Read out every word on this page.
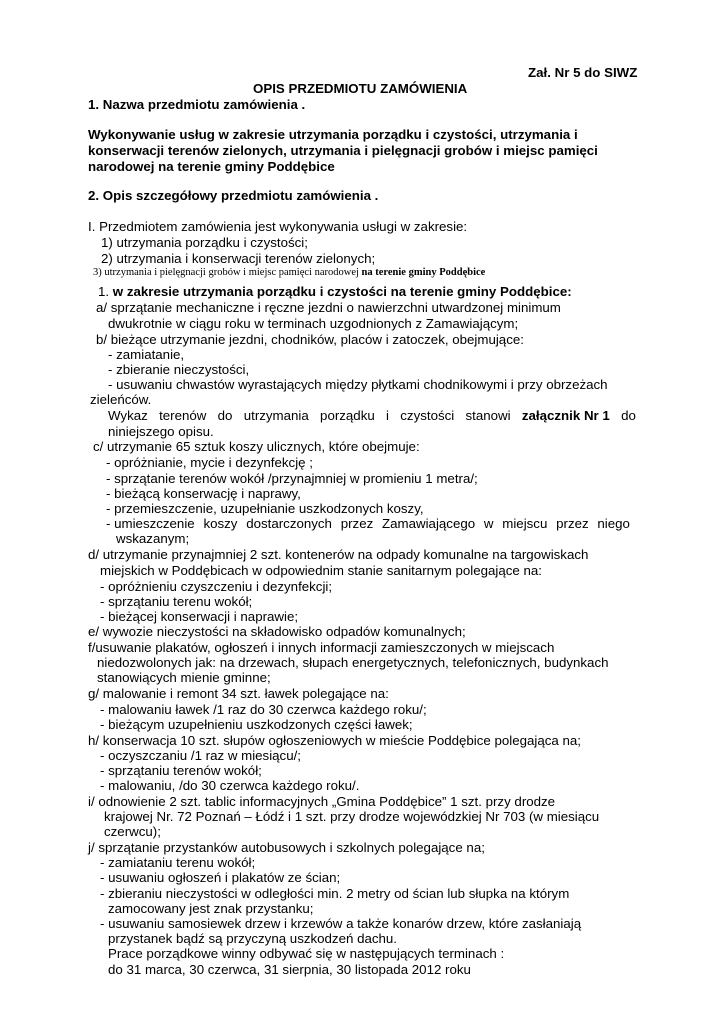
Zał. Nr 5 do SIWZ
OPIS PRZEDMIOTU ZAMÓWIENIA
1. Nazwa przedmiotu zamówienia .
Wykonywanie usług w zakresie utrzymania porządku i czystości, utrzymania i
konserwacji terenów zielonych, utrzymania i pielęgnacji grobów i miejsc pamięci
narodowej na terenie gminy Poddębice
2. Opis szczegółowy przedmiotu zamówienia .
I. Przedmiotem zamówienia jest wykonywania usługi w zakresie:
1) utrzymania porządku i czystości;
2) utrzymania i konserwacji terenów zielonych;
3) utrzymania i pielęgnacji grobów i miejsc pamięci narodowej na terenie gminy Poddębice
1. w zakresie utrzymania porządku i czystości na terenie gminy Poddębice:
a/ sprzątanie mechaniczne i ręczne jezdni o nawierzchni utwardzonej minimum
dwukrotnie w ciągu roku w terminach uzgodnionych z Zamawiającym;
b/ bieżące utrzymanie jezdni, chodników, placów i zatoczek, obejmujące:
- zamiatanie,
- zbieranie nieczystości,
- usuwaniu chwastów wyrastających między płytkami chodnikowymi i przy obrzeżach
zieleńców.
Wykaz terenów do utrzymania porządku i czystości stanowi załącznik Nr 1 do
niniejszego opisu.
c/ utrzymanie 65 sztuk koszy ulicznych, które obejmuje:
- opróżnianie, mycie i dezynfekcję ;
- sprzątanie terenów wokół /przynajmniej w promieniu 1 metra/;
- bieżącą konserwację i naprawy,
- przemieszczenie, uzupełnianie uszkodzonych koszy,
- umieszczenie koszy dostarczonych przez Zamawiającego w miejscu przez niego
wskazanym;
d/ utrzymanie przynajmniej 2 szt. kontenerów na odpady komunalne na targowiskach
miejskich w Poddębicach w odpowiednim stanie sanitarnym polegające na:
- opróżnieniu czyszczeniu i dezynfekcji;
- sprzątaniu terenu wokół;
- bieżącej konserwacji i naprawie;
e/ wywozie nieczystości na składowisko odpadów komunalnych;
f/usuwanie plakatów, ogłoszeń i innych informacji zamieszczonych w miejscach
niedozwolonych jak: na drzewach, słupach energetycznych, telefonicznych, budynkach
stanowiących mienie gminne;
g/ malowanie i remont 34 szt. ławek polegające na:
- malowaniu ławek /1 raz do 30 czerwca każdego roku/;
- bieżącym uzupełnieniu uszkodzonych części ławek;
h/ konserwacja 10 szt. słupów ogłoszeniowych w mieście Poddębice polegająca na;
- oczyszczaniu /1 raz w miesiącu/;
- sprzątaniu terenów wokół;
- malowaniu, /do 30 czerwca każdego roku/.
i/ odnowienie 2 szt. tablic informacyjnych „Gmina Poddębice” 1 szt. przy drodze
krajowej Nr. 72 Poznań – Łódź i 1 szt. przy drodze wojewódzkiej Nr 703 (w miesiącu
czerwcu);
j/ sprzątanie przystanków autobusowych i szkolnych polegające na;
- zamiataniu terenu wokół;
- usuwaniu ogłoszeń i plakatów ze ścian;
- zbieraniu nieczystości w odległości min. 2 metry od ścian lub słupka na którym
zamocowany jest znak przystanku;
- usuwaniu samosiewek drzew i krzewów a także konarów drzew, które zasłaniają
przystanek bądź są przyczyną uszkodzeń dachu.
Prace porządkowe winny odbywać się w następujących terminach :
do 31 marca, 30 czerwca, 31 sierpnia, 30 listopada 2012 roku
